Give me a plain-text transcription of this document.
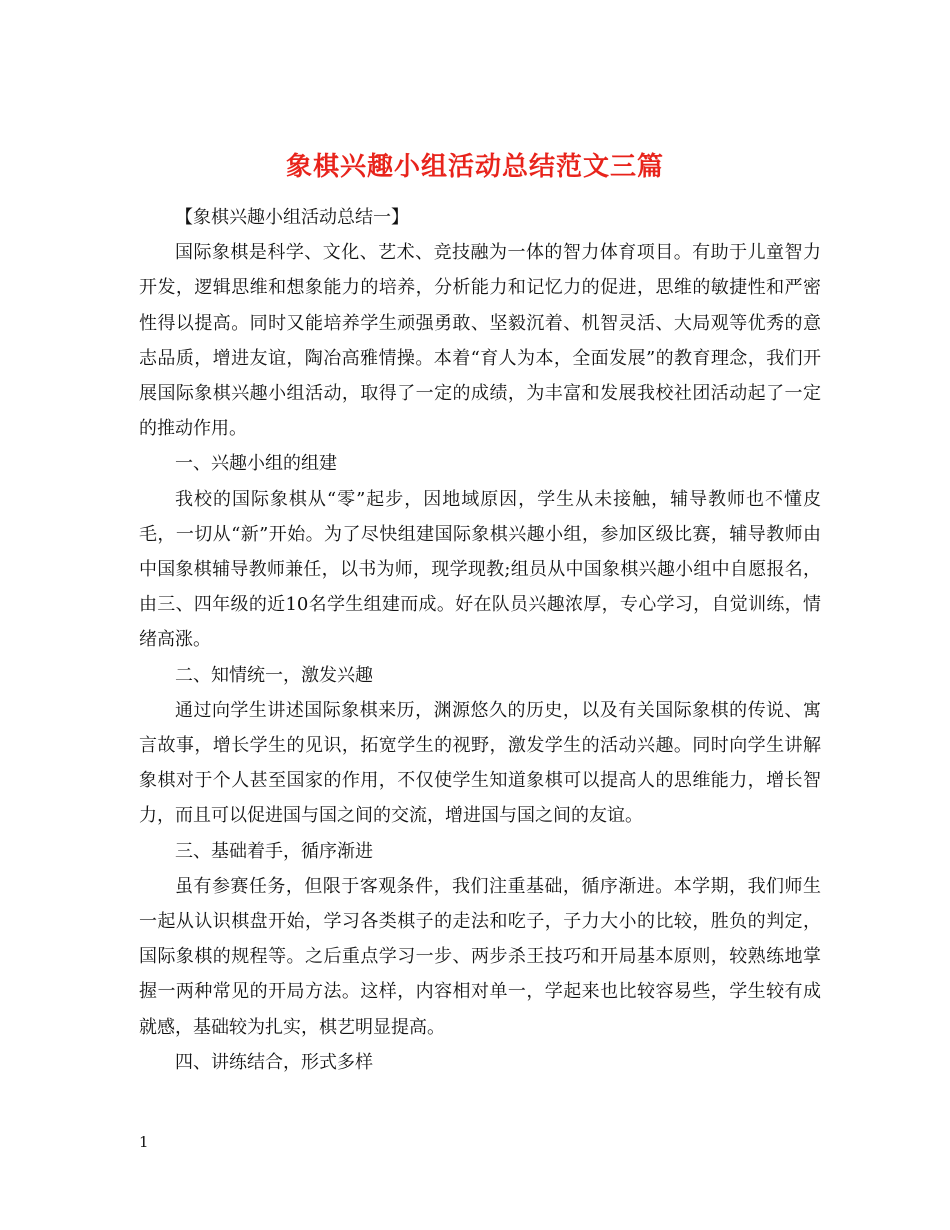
象棋兴趣小组活动总结范文三篇

【象棋兴趣小组活动总结一】

国际象棋是科学、文化、艺术、竞技融为一体的智力体育项目。有助于儿童智力开发，逻辑思维和想象能力的培养，分析能力和记忆力的促进，思维的敏捷性和严密性得以提高。同时又能培养学生顽强勇敢、坚毅沉着、机智灵活、大局观等优秀的意志品质，增进友谊，陶冶高雅情操。本着“育人为本，全面发展”的教育理念，我们开展国际象棋兴趣小组活动，取得了一定的成绩，为丰富和发展我校社团活动起了一定的推动作用。

一、兴趣小组的组建

我校的国际象棋从“零”起步，因地域原因，学生从未接触，辅导教师也不懂皮毛，一切从“新”开始。为了尽快组建国际象棋兴趣小组，参加区级比赛，辅导教师由中国象棋辅导教师兼任，以书为师，现学现教;组员从中国象棋兴趣小组中自愿报名，由三、四年级的近10名学生组建而成。好在队员兴趣浓厚，专心学习，自觉训练，情绪高涨。

二、知情统一，激发兴趣

通过向学生讲述国际象棋来历，渊源悠久的历史，以及有关国际象棋的传说、寓言故事，增长学生的见识，拓宽学生的视野，激发学生的活动兴趣。同时向学生讲解象棋对于个人甚至国家的作用，不仅使学生知道象棋可以提高人的思维能力，增长智力，而且可以促进国与国之间的交流，增进国与国之间的友谊。

三、基础着手，循序渐进

虽有参赛任务，但限于客观条件，我们注重基础，循序渐进。本学期，我们师生一起从认识棋盘开始，学习各类棋子的走法和吃子，子力大小的比较，胜负的判定，国际象棋的规程等。之后重点学习一步、两步杀王技巧和开局基本原则，较熟练地掌握一两种常见的开局方法。这样，内容相对单一，学起来也比较容易些，学生较有成就感，基础较为扎实，棋艺明显提高。

四、讲练结合，形式多样

1
